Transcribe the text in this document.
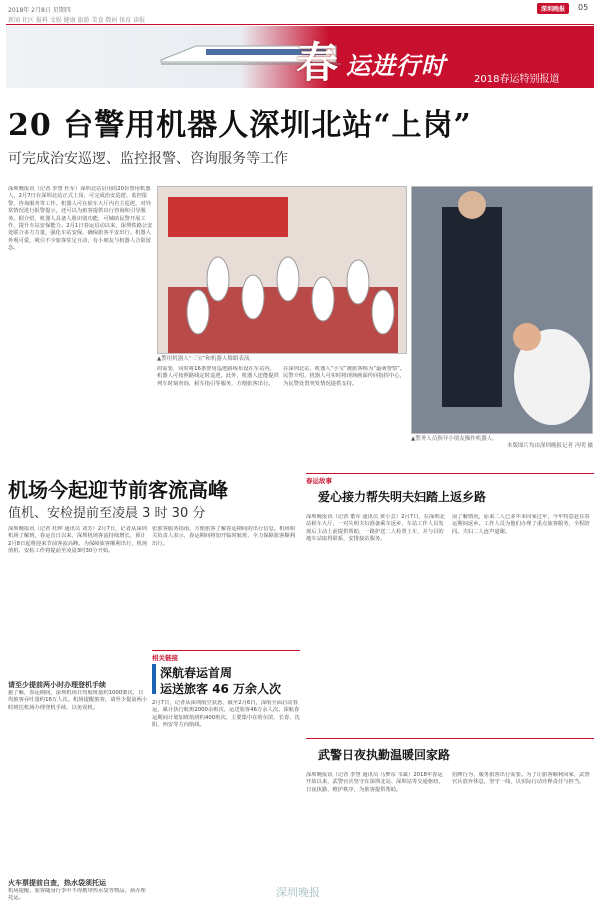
2018年 2月8日 星期四
新闻 社区 报料 文娱 健康 旅游 美食 数码 体育 读报
深圳晚报	05
春 运进行时	2018春运特别报道
20 台警用机器人深圳北站“上岗”
可完成治安巡逻、监控报警、咨询服务等工作
深圳晚报讯（记者 李慧 杜军）深圳北站启用的20台警用机器人，2月7日在深圳北站正式上岗，可完成治安巡逻、监控报警、咨询服务等工作。机器人可在候车大厅内自主巡逻，对异常情况进行报警提示，还可以为旅客提供出行咨询和引导服务。据介绍，机器人具备人脸识别功能，可辅助民警开展工作，提升车站安保能力。2月1日春运启动以来，深圳铁路公安处联合多方力量，强化车站安保，确保旅客平安出行。机器人外观可爱，吸引不少旅客驻足互动，有小朋友与机器人合影留念。
▲警用机器人“三宝”和机器人舞蹈表演。
的需要，同时将16条警用巡逻路线布设在车站内，机器人可按照路线定时巡逻。此外，机器人还能提供列车时刻查询、候车指引等服务，方便旅客出行。
在深圳北站，机器人“小宝”被旅客称为“最萌警察”。民警介绍，机器人可实时将现场画面传回指挥中心，为民警处置突发情况提供支持。
▲警务人员指导小朋友操作机器人。
本版图片均由深圳晚报记者 冯明 摄
机场今起迎节前客流高峰
值机、安检提前至凌晨 3 时 30 分
深圳晚报讯（记者 杜晔 通讯员 刘芳）2月7日，记者从深圳机场了解到，春运首日以来，深圳机场客流持续增长，预计2月8日起将迎来节前客流高峰。为保障旅客顺利出行，机场值机、安检工作将提前至凌晨3时30分开始。
请至少提前两小时办理登机手续
据了解，春运期间，深圳机场日均航班量约1000架次，日均旅客吞吐量约16万人次。机场提醒旅客，请至少提前两小时到达机场办理登机手续，以免误机。
火车票提前自查，热水袋须托运
机场提醒，旅客随身行李中不得携带热水袋等物品，须办理托运。
张旅客服务指南，方便旅客了解春运期间的出行信息。机场相关负责人表示，春运期间将加开临时航班，全力保障旅客顺利出行。
相关链接
深航春运首周
运送旅客 46 万余人次
2月7日，记者从深圳航空获悉，截至2月6日，深航全面启动春运，累计执行航班2000余班次，运送旅客46万余人次。深航春运期间计划加班航班约400班次，主要集中在哈尔滨、长春、沈阳、西安等方向航线。
春运故事
爱心接力帮失明夫妇踏上返乡路
深圳晚报讯（记者 董军 通讯员 黄小芸）2月7日，在深圳北站候车大厅，一对失明夫妇准备乘车返乡，车站工作人员发现后主动上前提供帮助，一路护送二人检票上车，并与目的地车站取得联系，安排接站服务。
前了解情况，原来二人已多年未回家过年，今年特意赶在春运期间返乡。工作人员为他们办理了重点旅客服务，全程陪同。夫妇二人连声道谢。
武警日夜执勤温暖回家路
深圳晚报讯（记者 李慧 通讯员 马梦东 韦斌）2018年春运开始以来，武警官兵坚守在深圳北站、深圳站等交通枢纽，日夜执勤，维护秩序，为旅客提供帮助。
招牌行为，服务旅客出行需要。为了让旅客顺利回家，武警官兵放弃休息，坚守一线，以实际行动诠释责任与担当。
深圳晚报
